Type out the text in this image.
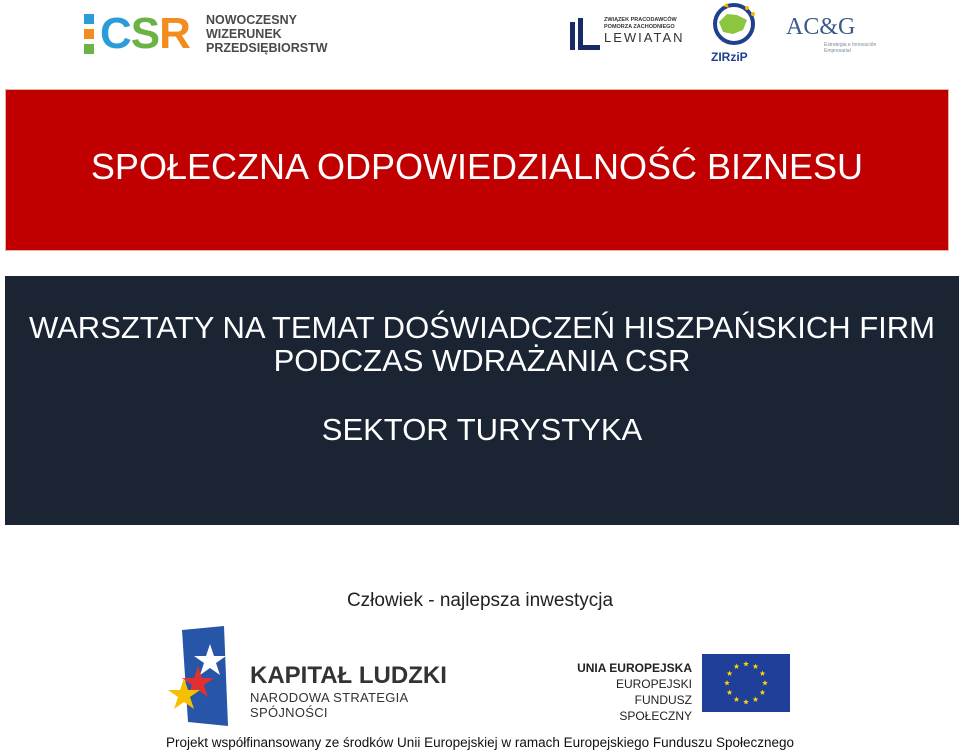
CSR NOWOCZESNY
WIZERUNEK
PRZEDSIĘBIORSTW
ZWIĄZEK PRACODAWCÓW
POMORZA ZACHODNIEGO
LEWIATAN
ZIRziP
AC&G
Estrategia e Innovación
Empresarial
SPOŁECZNA ODPOWIEDZIALNOŚĆ BIZNESU
WARSZTATY NA TEMAT DOŚWIADCZEŃ HISZPAŃSKICH FIRM
PODCZAS WDRAŻANIA CSR
SEKTOR TURYSTYKA
Człowiek - najlepsza inwestycja
KAPITAŁ LUDZKI
NARODOWA STRATEGIA SPÓJNOŚCI
UNIA EUROPEJSKA
EUROPEJSKI
FUNDUSZ SPOŁECZNY
Projekt współfinansowany ze środków Unii Europejskiej w ramach Europejskiego Funduszu Społecznego
